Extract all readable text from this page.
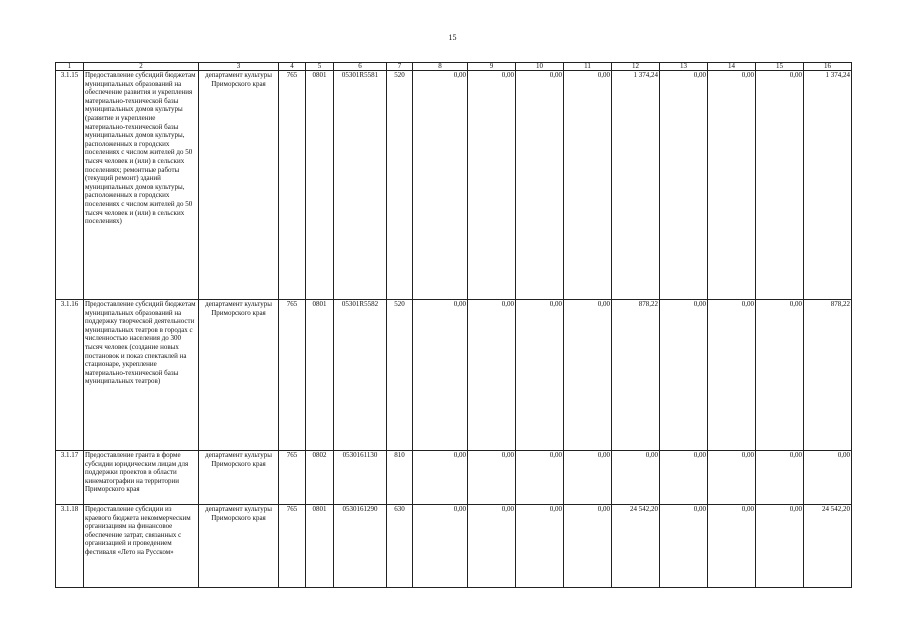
15
1	2	3	4	5	6	7	8	9	10	11	12	13	14	15	16
3.1.15	Предоставление субсидий бюджетам муниципальных образований на обеспечение развития и укрепления материально-технической базы муниципальных домов культуры (развитие и укрепление материально-технической базы муниципальных домов культуры, расположенных в городских поселениях с числом жителей до 50 тысяч человек и (или) в сельских поселениях; ремонтные работы (текущий ремонт) зданий муниципальных домов культуры, расположенных в городских поселениях с числом жителей до 50 тысяч человек и (или) в сельских поселениях)	департамент культуры Приморского края	765	0801	05301R5581	520	0,00	0,00	0,00	0,00	1 374,24	0,00	0,00	0,00	1 374,24
3.1.16	Предоставление субсидий бюджетам муниципальных образований на поддержку творческой деятельности муниципальных театров в городах с численностью населения до 300 тысяч человек (создание новых постановок и показ спектаклей на стационаре, укрепление материально-технической базы муниципальных театров)	департамент культуры Приморского края	765	0801	05301R5582	520	0,00	0,00	0,00	0,00	878,22	0,00	0,00	0,00	878,22
3.1.17	Предоставление гранта в форме субсидии юридическим лицам для поддержки проектов в области кинематографии на территории Приморского края	департамент культуры Приморского края	765	0802	0530161130	810	0,00	0,00	0,00	0,00	0,00	0,00	0,00	0,00	0,00
3.1.18	Предоставление субсидии из краевого бюджета некоммерческим организациям на финансовое обеспечение затрат, связанных с организацией и проведением фестиваля «Лето на Русском»	департамент культуры Приморского края	765	0801	0530161290	630	0,00	0,00	0,00	0,00	24 542,20	0,00	0,00	0,00	24 542,20
